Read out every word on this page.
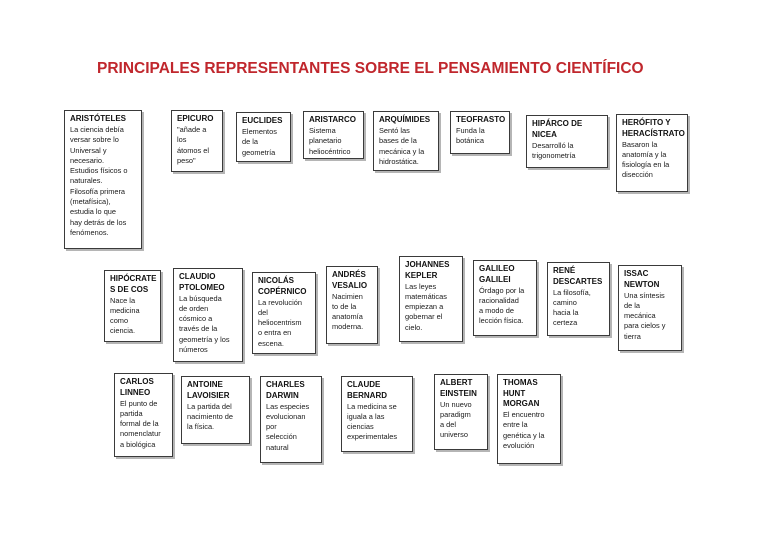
PRINCIPALES REPRESENTANTES SOBRE EL PENSAMIENTO CIENTÍFICO
ARISTÓTELES
La ciencia debía
versar sobre lo
Universal y
necesario.
Estudios físicos o
naturales.
Filosofía primera
(metafísica),
estudia lo que
hay detrás de los
fenómenos.
EPICURO
"añade a
los
átomos el
peso"
EUCLIDES
Elementos
de la
geometría
ARISTARCO
Sistema
planetario
heliocéntrico
ARQUÍMIDES
Sentó las
bases de la
mecánica y la
hidrostática.
TEOFRASTO
Funda la
botánica
HIPÁRCO DE
NICEA
Desarrolló la
trigonometría
HERÓFITO Y
HERACÍSTRATO
Basaron la
anatomía y la
fisiología en la
disección
HIPÓCRATE
S DE COS
Nace la
medicina
como
ciencia.
CLAUDIO
PTOLOMEO
La búsqueda
de orden
cósmico a
través de la
geometría y los
números
NICOLÁS
COPÉRNICO
La revolución
del
heliocentrism
o entra en
escena.
ANDRÉS
VESALIO
Nacimien
to de la
anatomía
moderna.
JOHANNES
KEPLER
Las leyes
matemáticas
empiezan a
gobernar el
cielo.
GALILEO
GALILEI
Órdago por la
racionalidad
a modo de
lección física.
RENÉ
DESCARTES
La filosofía,
camino
hacia la
certeza
ISSAC
NEWTON
Una síntesis
de la
mecánica
para cielos y
tierra
CARLOS
LINNEO
El punto de
partida
formal de la
nomenclatur
a biológica
ANTOINE
LAVOISIER
La partida del
nacimiento de
la física.
CHARLES
DARWIN
Las especies
evolucionan
por
selección
natural
CLAUDE
BERNARD
La medicina se
iguala a las
ciencias
experimentales
ALBERT
EINSTEIN
Un nuevo
paradigm
a del
universo
THOMAS
HUNT
MORGAN
El encuentro
entre la
genética y la
evolución
